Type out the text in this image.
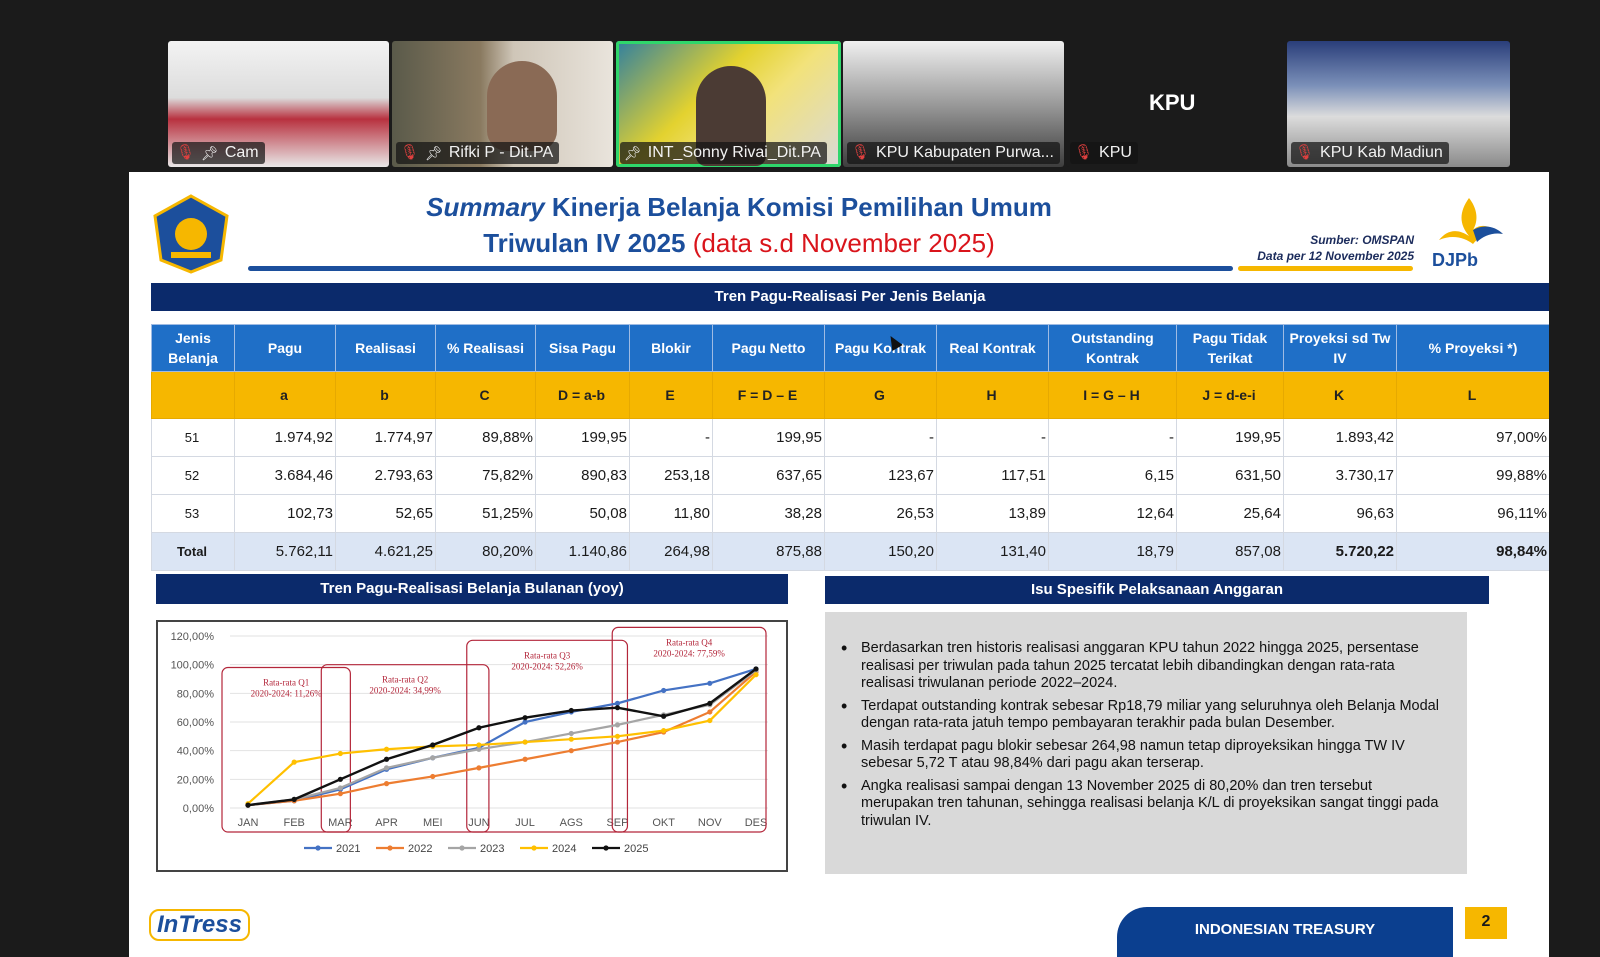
🎙︎ 📌︎ Cam	🎙︎ 📌︎ Rifki P - Dit.PA	📌︎ INT_Sonny Rivai_Dit.PA 🎙︎ KPU Kabupaten Purwa...
KPU
🎙︎ KPU	🎙︎ KPU Kab Madiun
Summary Kinerja Belanja Komisi Pemilihan Umum
Triwulan IV 2025 (data s.d November 2025)	Sumber: OMSPAN
Data per 12 November 2025 DJPb
Tren Pagu-Realisasi Per Jenis Belanja
Jenis Belanja	Pagu	Realisasi	% Realisasi	Sisa Pagu	Blokir	Pagu Netto	Pagu Kontrak	Real Kontrak	Outstanding Kontrak	Pagu Tidak Terikat	Proyeksi sd Tw IV	% Proyeksi *)
	a	b	C	D = a-b	E	F = D – E	G	H	I = G – H	J = d-e-i	K	L
51	1.974,92	1.774,97	89,88%	199,95	-	199,95	-	-	-	199,95	1.893,42	97,00%
52	3.684,46	2.793,63	75,82%	890,83	253,18	637,65	123,67	117,51	6,15	631,50	3.730,17	99,88%
53	102,73	52,65	51,25%	50,08	11,80	38,28	26,53	13,89	12,64	25,64	96,63	96,11%
Total	5.762,11	4.621,25	80,20%	1.140,86	264,98	875,88	150,20	131,40	18,79	857,08	5.720,22	98,84%
Tren Pagu-Realisasi Belanja Bulanan (yoy)
0,00%
20,00%
40,00%
60,00%
80,00%
100,00%
120,00%
JAN FEB MAR APR MEI JUN JUL AGS SEP OKT NOV DES
Rata-rata Q1
2020-2024: 11,26%
Rata-rata Q2
2020-2024: 34,99%
Rata-rata Q3
2020-2024: 52,26%
Rata-rata Q4
2020-2024: 77,59%
2021	2022	2023	2024	2025
Isu Spesifik Pelaksanaan Anggaran
• Berdasarkan tren historis realisasi anggaran KPU tahun 2022 hingga 2025, persentase realisasi per triwulan pada tahun 2025 tercatat lebih dibandingkan dengan rata-rata realisasi triwulanan periode 2022–2024.
• Terdapat outstanding kontrak sebesar Rp18,79 miliar yang seluruhnya oleh Belanja Modal dengan rata-rata jatuh tempo pembayaran terakhir pada bulan Desember.
• Masih terdapat pagu blokir sebesar 264,98 namun tetap diproyeksikan hingga TW IV sebesar 5,72 T atau 98,84% dari pagu akan terserap.
• Angka realisasi sampai dengan 13 November 2025 di 80,20% dan tren tersebut merupakan tren tahunan, sehingga realisasi belanja K/L di proyeksikan sangat tinggi pada triwulan IV.
InTress	INDONESIAN TREASURY	2
